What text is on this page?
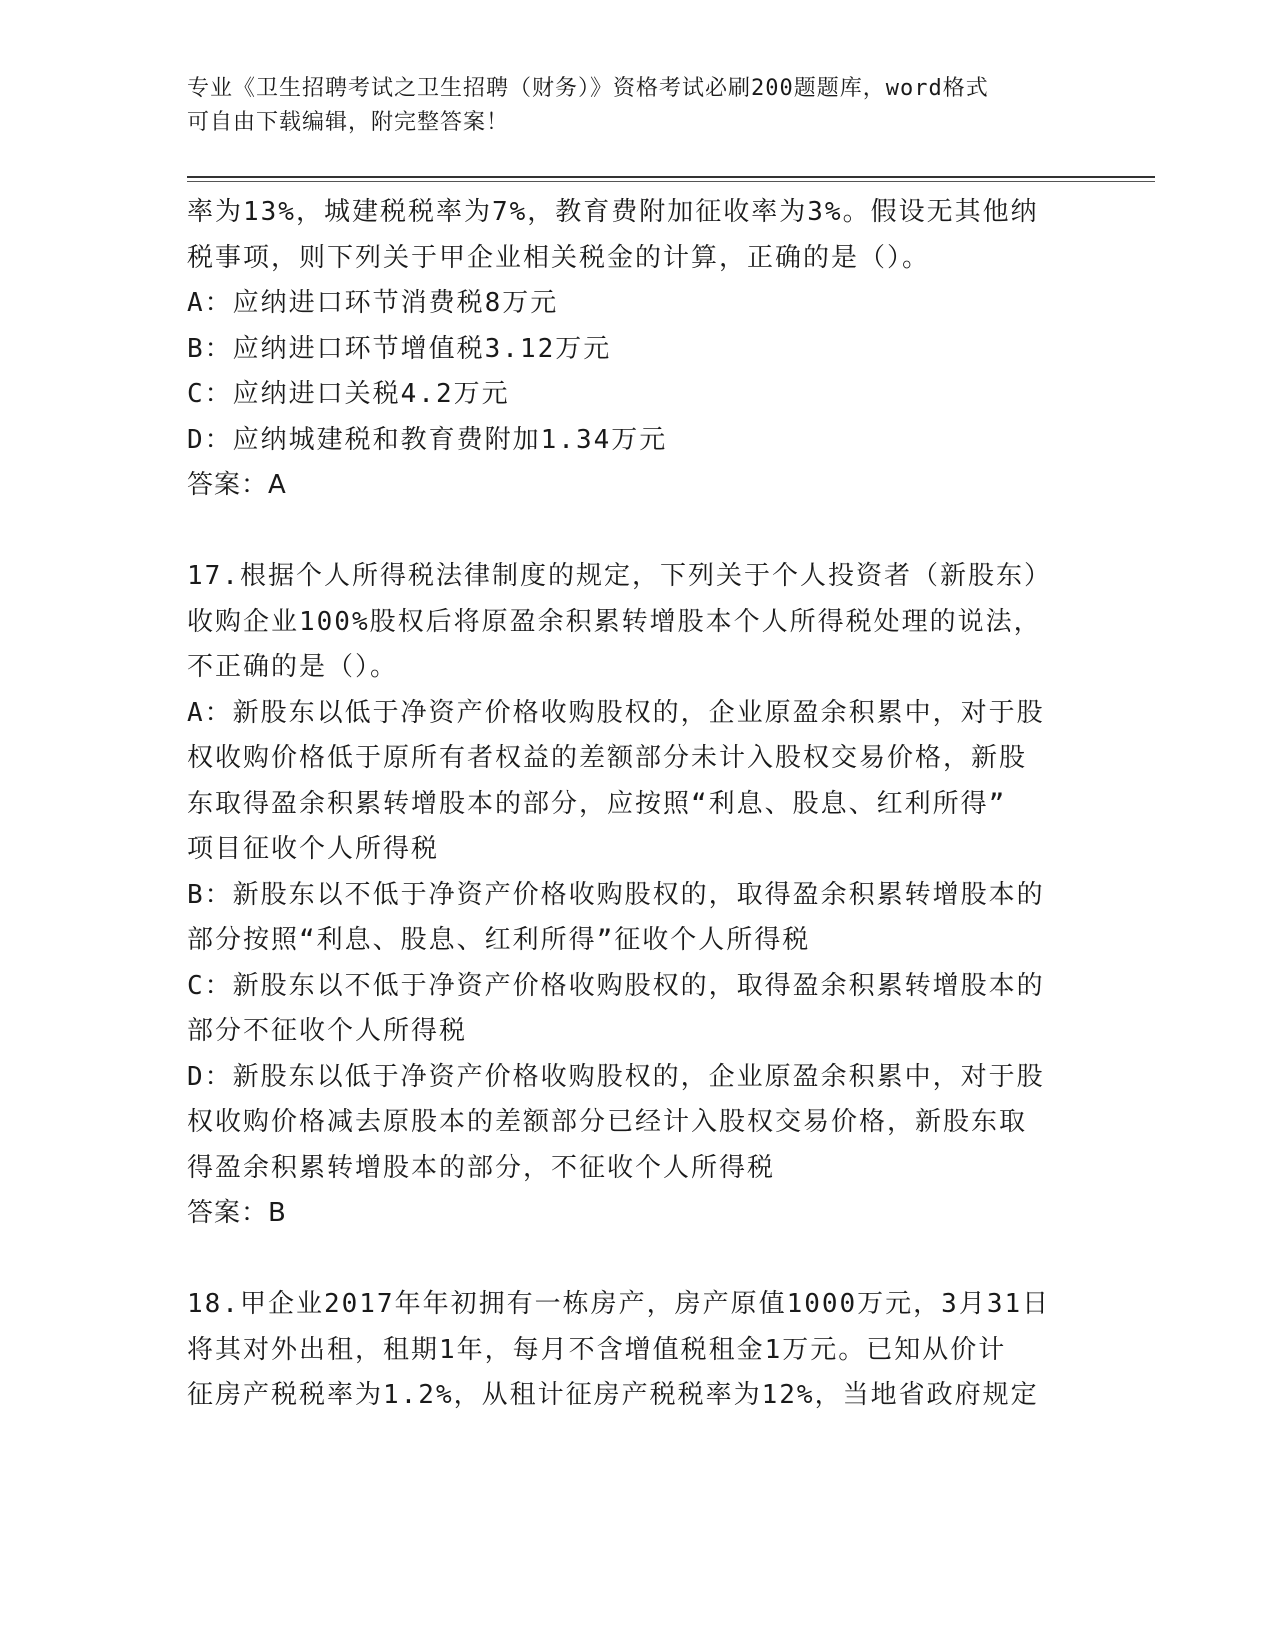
专业《卫生招聘考试之卫生招聘（财务）》资格考试必刷200题题库，word格式
可自由下载编辑，附完整答案！
率为13%，城建税税率为7%，教育费附加征收率为3%。假设无其他纳
税事项，则下列关于甲企业相关税金的计算，正确的是（）。
A：应纳进口环节消费税8万元
B：应纳进口环节增值税3.12万元
C：应纳进口关税4.2万元
D：应纳城建税和教育费附加1.34万元
答案：A
17.根据个人所得税法律制度的规定，下列关于个人投资者（新股东）
收购企业100%股权后将原盈余积累转增股本个人所得税处理的说法，
不正确的是（）。
A：新股东以低于净资产价格收购股权的，企业原盈余积累中，对于股
权收购价格低于原所有者权益的差额部分未计入股权交易价格，新股
东取得盈余积累转增股本的部分，应按照“利息、股息、红利所得”
项目征收个人所得税
B：新股东以不低于净资产价格收购股权的，取得盈余积累转增股本的
部分按照“利息、股息、红利所得”征收个人所得税
C：新股东以不低于净资产价格收购股权的，取得盈余积累转增股本的
部分不征收个人所得税
D：新股东以低于净资产价格收购股权的，企业原盈余积累中，对于股
权收购价格减去原股本的差额部分已经计入股权交易价格，新股东取
得盈余积累转增股本的部分，不征收个人所得税
答案：B
18.甲企业2017年年初拥有一栋房产，房产原值1000万元，3月31日
将其对外出租，租期1年，每月不含增值税租金1万元。已知从价计
征房产税税率为1.2%，从租计征房产税税率为12%，当地省政府规定
